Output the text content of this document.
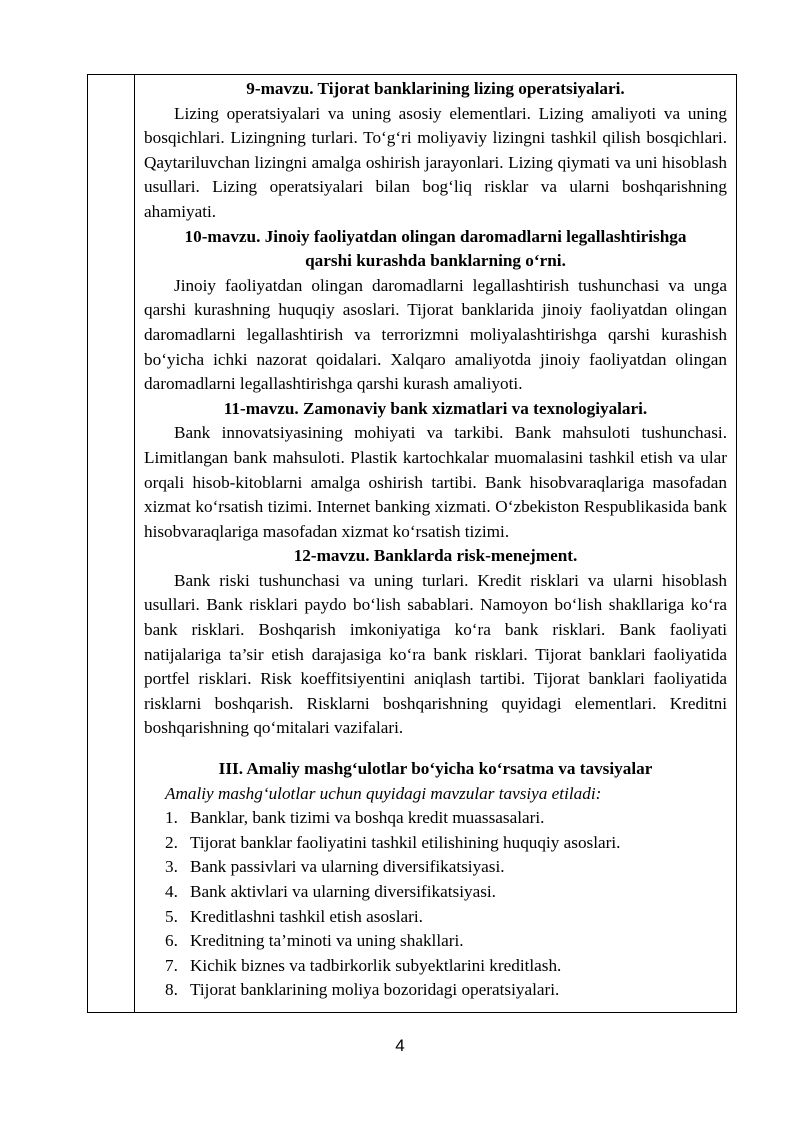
9-mavzu. Tijorat banklarining lizing operatsiyalari.
Lizing operatsiyalari va uning asosiy elementlari. Lizing amaliyoti va uning bosqichlari. Lizingning turlari. To‘g‘ri moliyaviy lizingni tashkil qilish bosqichlari. Qaytariluvchan lizingni amalga oshirish jarayonlari. Lizing qiymati va uni hisoblash usullari. Lizing operatsiyalari bilan bog‘liq risklar va ularni boshqarishning ahamiyati.
10-mavzu. Jinoiy faoliyatdan olingan daromadlarni legallashtirishga
qarshi kurashda banklarning o‘rni.
Jinoiy faoliyatdan olingan daromadlarni legallashtirish tushunchasi va unga qarshi kurashning huquqiy asoslari. Tijorat banklarida jinoiy faoliyatdan olingan daromadlarni legallashtirish va terrorizmni moliyalashtirishga qarshi kurashish bo‘yicha ichki nazorat qoidalari. Xalqaro amaliyotda jinoiy faoliyatdan olingan daromadlarni legallashtirishga qarshi kurash amaliyoti.
11-mavzu. Zamonaviy bank xizmatlari va texnologiyalari.
Bank innovatsiyasining mohiyati va tarkibi. Bank mahsuloti tushunchasi. Limitlangan bank mahsuloti. Plastik kartochkalar muomalasini tashkil etish va ular orqali hisob-kitoblarni amalga oshirish tartibi. Bank hisobvaraqlariga masofadan xizmat ko‘rsatish tizimi. Internet banking xizmati. O‘zbekiston Respublikasida bank hisobvaraqlariga masofadan xizmat ko‘rsatish tizimi.
12-mavzu. Banklarda risk-menejment.
Bank riski tushunchasi va uning turlari. Kredit risklari va ularni hisoblash usullari. Bank risklari paydo bo‘lish sabablari. Namoyon bo‘lish shakllariga ko‘ra bank risklari. Boshqarish imkoniyatiga ko‘ra bank risklari. Bank faoliyati natijalariga ta’sir etish darajasiga ko‘ra bank risklari. Tijorat banklari faoliyatida portfel risklari. Risk koeffitsiyentini aniqlash tartibi. Tijorat banklari faoliyatida risklarni boshqarish. Risklarni boshqarishning quyidagi elementlari. Kreditni boshqarishning qo‘mitalari vazifalari.
III. Amaliy mashg‘ulotlar bo‘yicha ko‘rsatma va tavsiyalar
Amaliy mashg‘ulotlar uchun quyidagi mavzular tavsiya etiladi:
1. Banklar, bank tizimi va boshqa kredit muassasalari.
2. Tijorat banklar faoliyatini tashkil etilishining huquqiy asoslari.
3. Bank passivlari va ularning diversifikatsiyasi.
4. Bank aktivlari va ularning diversifikatsiyasi.
5. Kreditlashni tashkil etish asoslari.
6. Kreditning ta’minoti va uning shakllari.
7. Kichik biznes va tadbirkorlik subyektlarini kreditlash.
8. Tijorat banklarining moliya bozoridagi operatsiyalari.
4
